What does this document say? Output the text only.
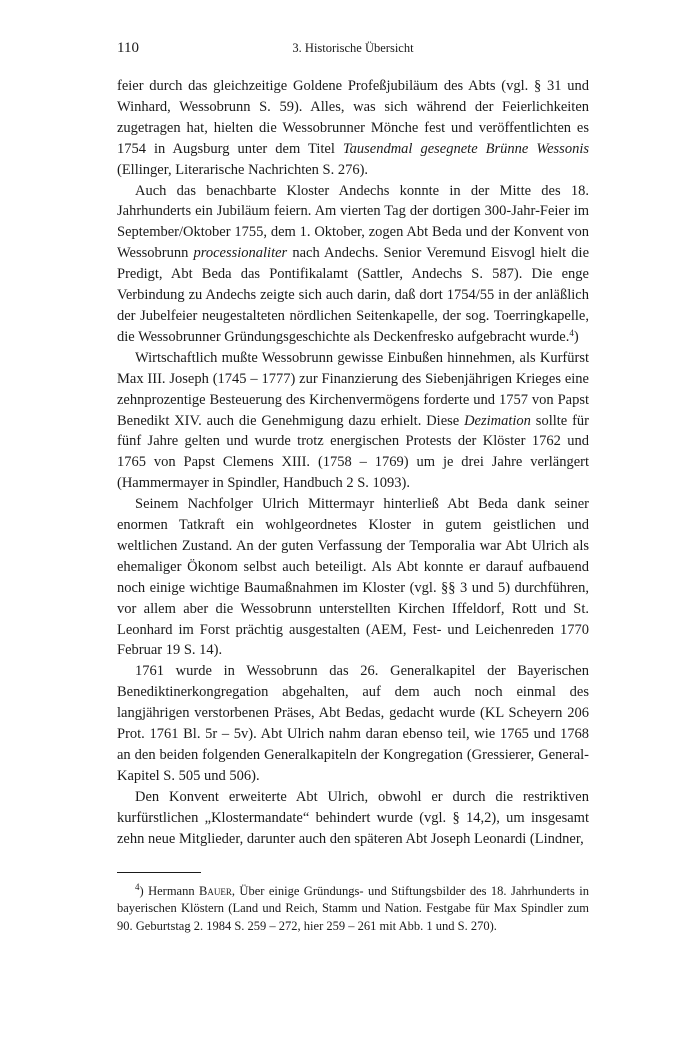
110	3. Historische Übersicht

feier durch das gleichzeitige Goldene Profeßjubiläum des Abts (vgl. § 31 und Winhard, Wessobrunn S. 59). Alles, was sich während der Feierlichkeiten zugetragen hat, hielten die Wessobrunner Mönche fest und veröffentlichten es 1754 in Augsburg unter dem Titel Tausendmal gesegnete Brünne Wessonis (Ellinger, Literarische Nachrichten S. 276).

Auch das benachbarte Kloster Andechs konnte in der Mitte des 18. Jahrhunderts ein Jubiläum feiern. Am vierten Tag der dortigen 300-Jahr-Feier im September/Oktober 1755, dem 1. Oktober, zogen Abt Beda und der Konvent von Wessobrunn processionaliter nach Andechs. Senior Veremund Eisvogl hielt die Predigt, Abt Beda das Pontifikalamt (Sattler, Andechs S. 587). Die enge Verbindung zu Andechs zeigte sich auch darin, daß dort 1754/55 in der anläßlich der Jubelfeier neugestalteten nördlichen Seitenkapelle, der sog. Toerringkapelle, die Wessobrunner Gründungsgeschichte als Deckenfresko aufgebracht wurde.$^4$)

Wirtschaftlich mußte Wessobrunn gewisse Einbußen hinnehmen, als Kurfürst Max III. Joseph (1745 – 1777) zur Finanzierung des Siebenjährigen Krieges eine zehnprozentige Besteuerung des Kirchenvermögens forderte und 1757 von Papst Benedikt XIV. auch die Genehmigung dazu erhielt. Diese Dezimation sollte für fünf Jahre gelten und wurde trotz energischen Protests der Klöster 1762 und 1765 von Papst Clemens XIII. (1758 – 1769) um je drei Jahre verlängert (Hammermayer in Spindler, Handbuch 2 S. 1093).

Seinem Nachfolger Ulrich Mittermayr hinterließ Abt Beda dank seiner enormen Tatkraft ein wohlgeordnetes Kloster in gutem geistlichen und weltlichen Zustand. An der guten Verfassung der Temporalia war Abt Ulrich als ehemaliger Ökonom selbst auch beteiligt. Als Abt konnte er darauf aufbauend noch einige wichtige Baumaßnahmen im Kloster (vgl. §§ 3 und 5) durchführen, vor allem aber die Wessobrunn unterstellten Kirchen Iffeldorf, Rott und St. Leonhard im Forst prächtig ausgestalten (AEM, Fest- und Leichenreden 1770 Februar 19 S. 14).

1761 wurde in Wessobrunn das 26. Generalkapitel der Bayerischen Benediktinerkongregation abgehalten, auf dem auch noch einmal des langjährigen verstorbenen Präses, Abt Bedas, gedacht wurde (KL Scheyern 206 Prot. 1761 Bl. 5r – 5v). Abt Ulrich nahm daran ebenso teil, wie 1765 und 1768 an den beiden folgenden Generalkapiteln der Kongregation (Gressierer, General-Kapitel S. 505 und 506).

Den Konvent erweiterte Abt Ulrich, obwohl er durch die restriktiven kurfürstlichen „Klostermandate“ behindert wurde (vgl. § 14,2), um insgesamt zehn neue Mitglieder, darunter auch den späteren Abt Joseph Leonardi (Lindner,

$^4$) Hermann Bauer, Über einige Gründungs- und Stiftungsbilder des 18. Jahrhunderts in bayerischen Klöstern (Land und Reich, Stamm und Nation. Festgabe für Max Spindler zum 90. Geburtstag 2. 1984 S. 259 – 272, hier 259 – 261 mit Abb. 1 und S. 270).
